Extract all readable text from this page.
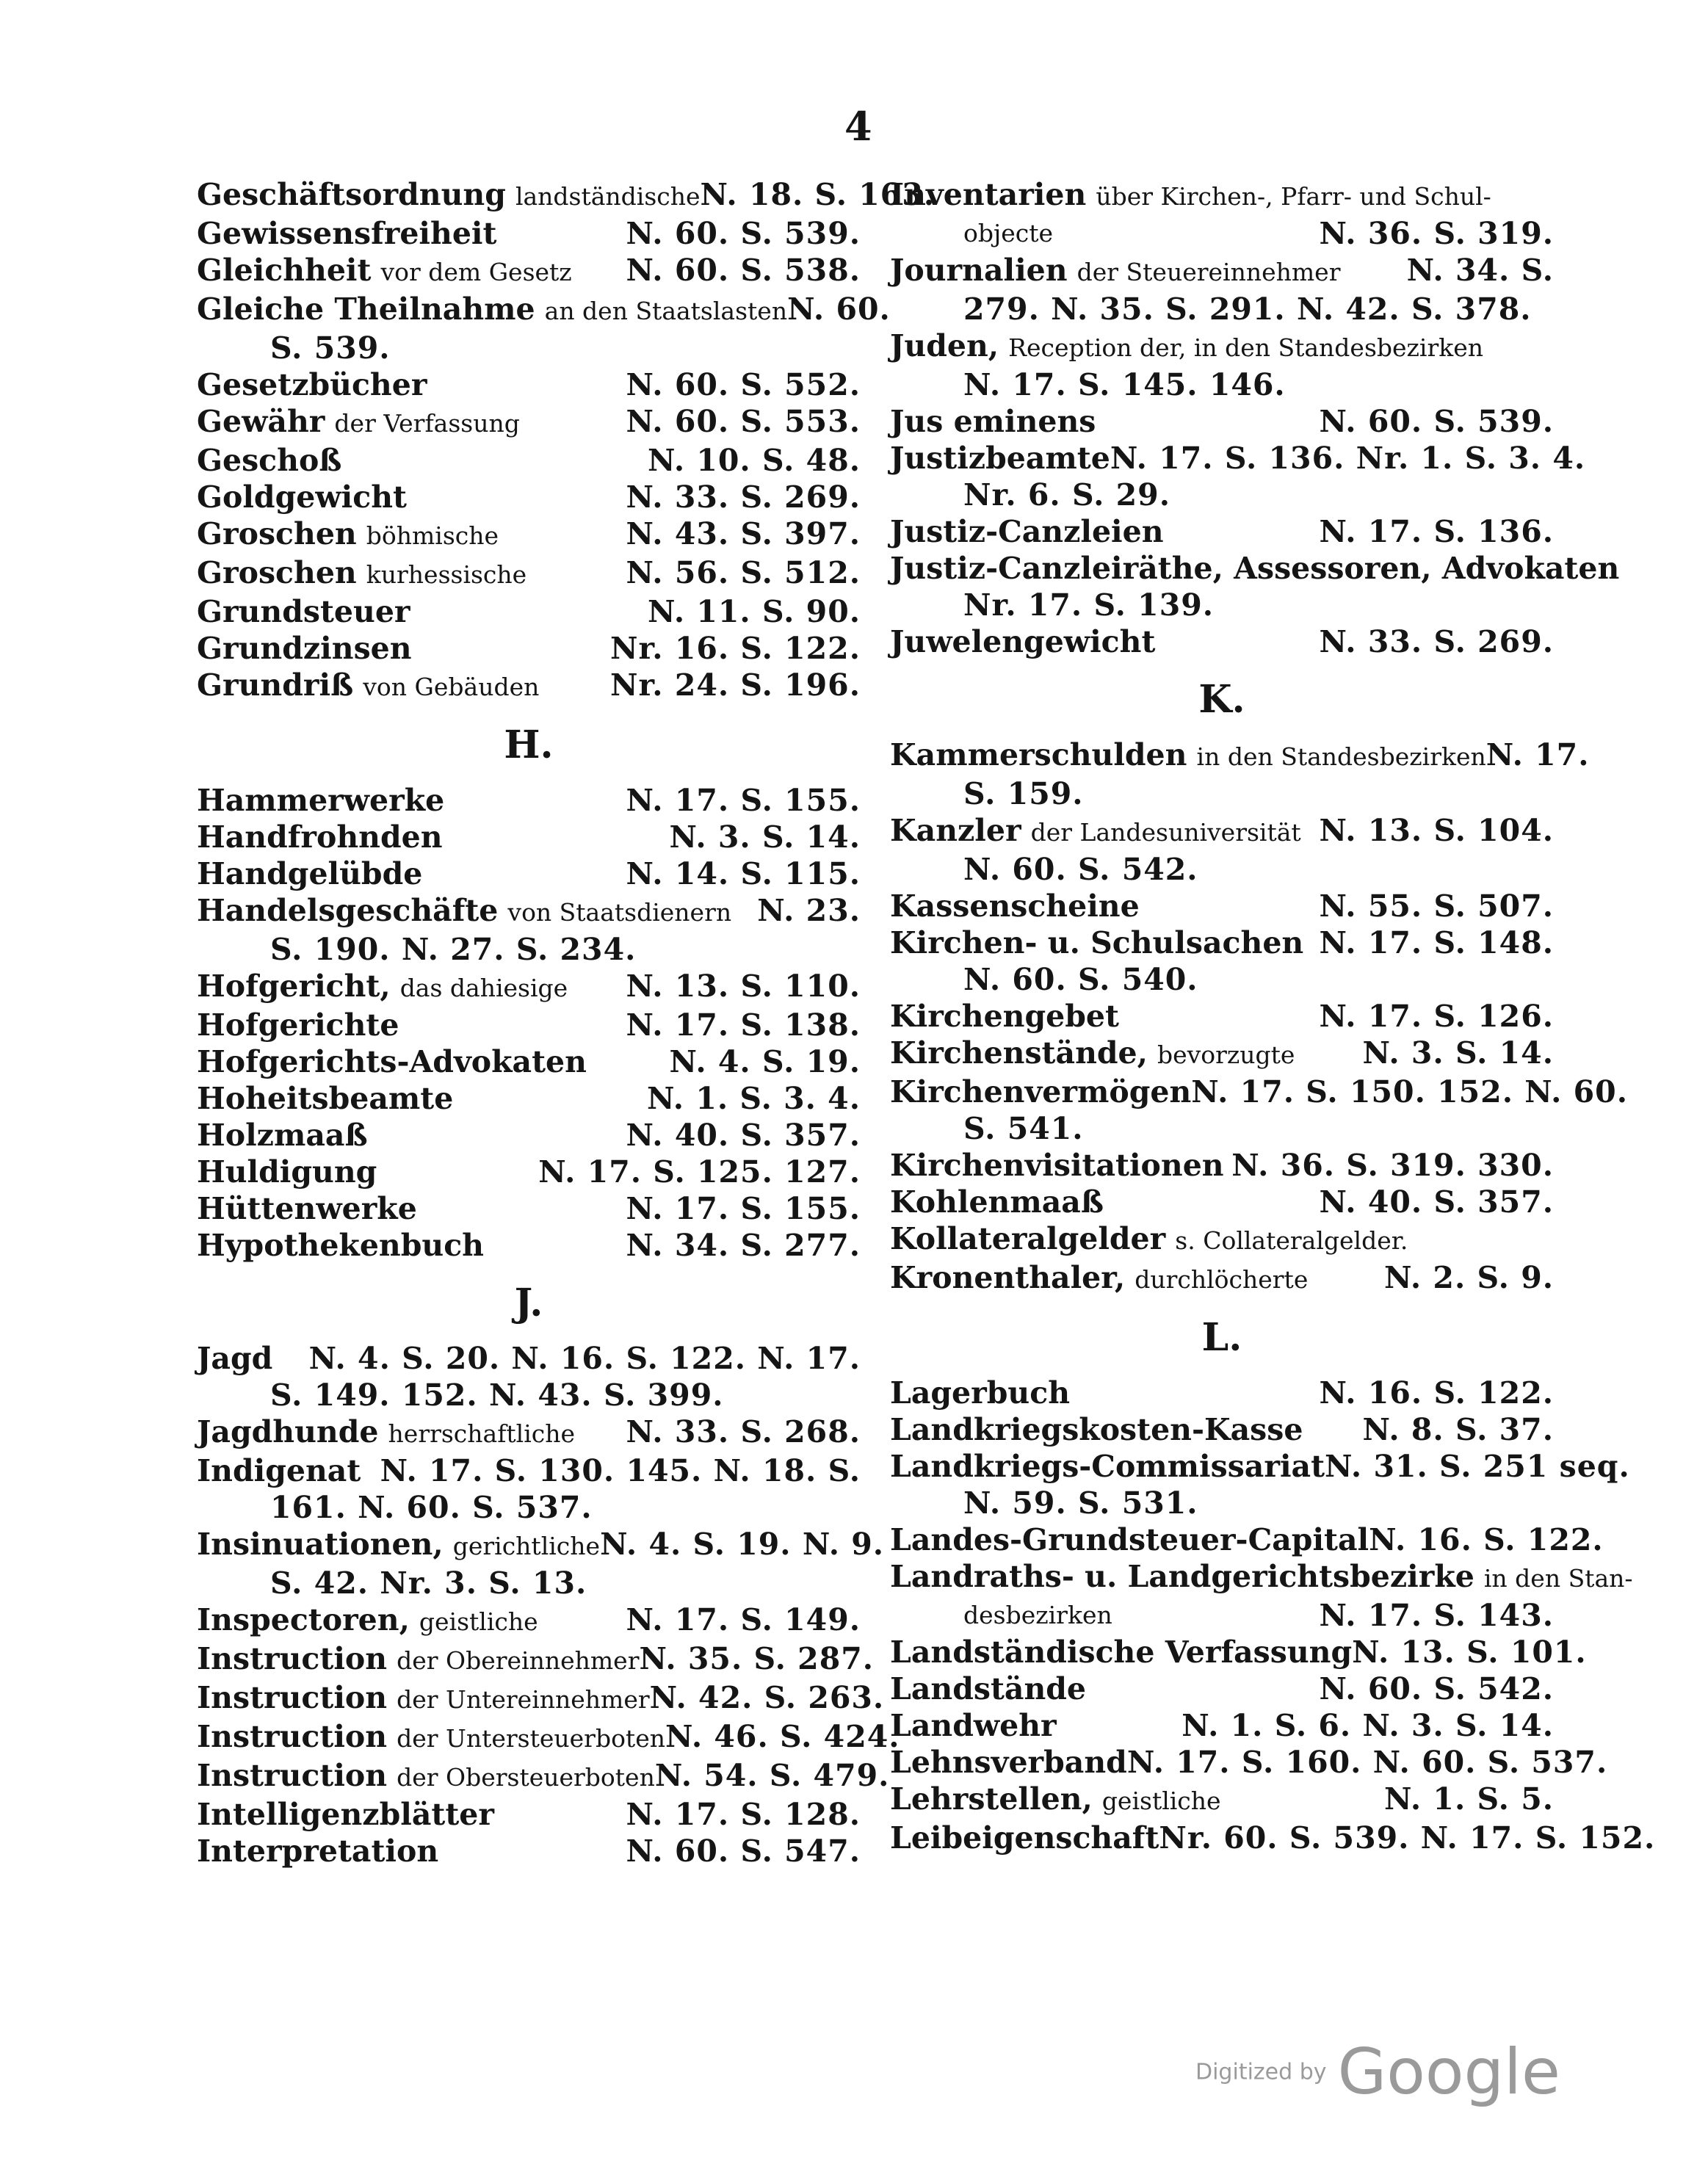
4
Geschäftsordnung landständische N. 18. S. 163.
Gewissensfreiheit	N. 60. S. 539.
Gleichheit vor dem Gesetz N. 60. S. 538.
Gleiche Theilnahme an den Staatslasten N. 60.
S. 539.
Gesetzbücher	N. 60. S. 552.
Gewähr der Verfassung	N. 60. S. 553.
Geschoß	N. 10. S. 48.
Goldgewicht	N. 33. S. 269.
Groschen böhmische	N. 43. S. 397.
Groschen kurhessische	N. 56. S. 512.
Grundsteuer	N. 11. S. 90.
Grundzinsen	Nr. 16. S. 122.
Grundriß von Gebäuden Nr. 24. S. 196.
H.
Hammerwerke	N. 17. S. 155.
Handfrohnden	N. 3. S. 14.
Handgelübde	N. 14. S. 115.
Handelsgeschäfte von Staatsdienern N. 23.
S. 190. N. 27. S. 234.
Hofgericht, das dahiesige N. 13. S. 110.
Hofgerichte	N. 17. S. 138.
Hofgerichts-Advokaten	N. 4. S. 19.
Hoheitsbeamte	N. 1. S. 3. 4.
Holzmaaß	N. 40. S. 357.
Huldigung	N. 17. S. 125. 127.
Hüttenwerke	N. 17. S. 155.
Hypothekenbuch	N. 34. S. 277.
J.
Jagd N. 4. S. 20. N. 16. S. 122. N. 17.
S. 149. 152. N. 43. S. 399.
Jagdhunde herrschaftliche N. 33. S. 268.
Indigenat N. 17. S. 130. 145. N. 18. S.
161. N. 60. S. 537.
Insinuationen, gerichtliche N. 4. S. 19. N. 9.
S. 42. Nr. 3. S. 13.
Inspectoren, geistliche	N. 17. S. 149.
Instruction der Obereinnehmer N. 35. S. 287.
Instruction der Untereinnehmer N. 42. S. 263.
Instruction der Untersteuerboten N. 46. S. 424.
Instruction der Obersteuerboten N. 54. S. 479.
Intelligenzblätter	N. 17. S. 128.
Interpretation	N. 60. S. 547.
Inventarien über Kirchen-, Pfarr- und Schul-
objecte	N. 36. S. 319.
Journalien der Steuereinnehmer N. 34. S.
279. N. 35. S. 291. N. 42. S. 378.
Juden, Reception der, in den Standesbezirken
N. 17. S. 145. 146.
Jus eminens	N. 60. S. 539.
Justizbeamte N. 17. S. 136. Nr. 1. S. 3. 4.
Nr. 6. S. 29.
Justiz-Canzleien	N. 17. S. 136.
Justiz-Canzleiräthe, Assessoren, Advokaten
Nr. 17. S. 139.
Juwelengewicht	N. 33. S. 269.
K.
Kammerschulden in den Standesbezirken N. 17.
S. 159.
Kanzler der Landesuniversität N. 13. S. 104.
N. 60. S. 542.
Kassenscheine	N. 55. S. 507.
Kirchen- u. Schulsachen N. 17. S. 148.
N. 60. S. 540.
Kirchengebet	N. 17. S. 126.
Kirchenstände, bevorzugte N. 3. S. 14.
Kirchenvermögen N. 17. S. 150. 152. N. 60.
S. 541.
Kirchenvisitationen N. 36. S. 319. 330.
Kohlenmaaß	N. 40. S. 357.
Kollateralgelder s. Collateralgelder.
Kronenthaler, durchlöcherte	N. 2. S. 9.
L.
Lagerbuch	N. 16. S. 122.
Landkriegskosten-Kasse N. 8. S. 37.
Landkriegs-Commissariat N. 31. S. 251 seq.
N. 59. S. 531.
Landes-Grundsteuer-Capital N. 16. S. 122.
Landraths- u. Landgerichtsbezirke in den Stan-
desbezirken	N. 17. S. 143.
Landständische Verfassung N. 13. S. 101.
Landstände	N. 60. S. 542.
Landwehr	N. 1. S. 6. N. 3. S. 14.
Lehnsverband N. 17. S. 160. N. 60. S. 537.
Lehrstellen, geistliche	N. 1. S. 5.
Leibeigenschaft Nr. 60. S. 539. N. 17. S. 152.
Digitized by Google
